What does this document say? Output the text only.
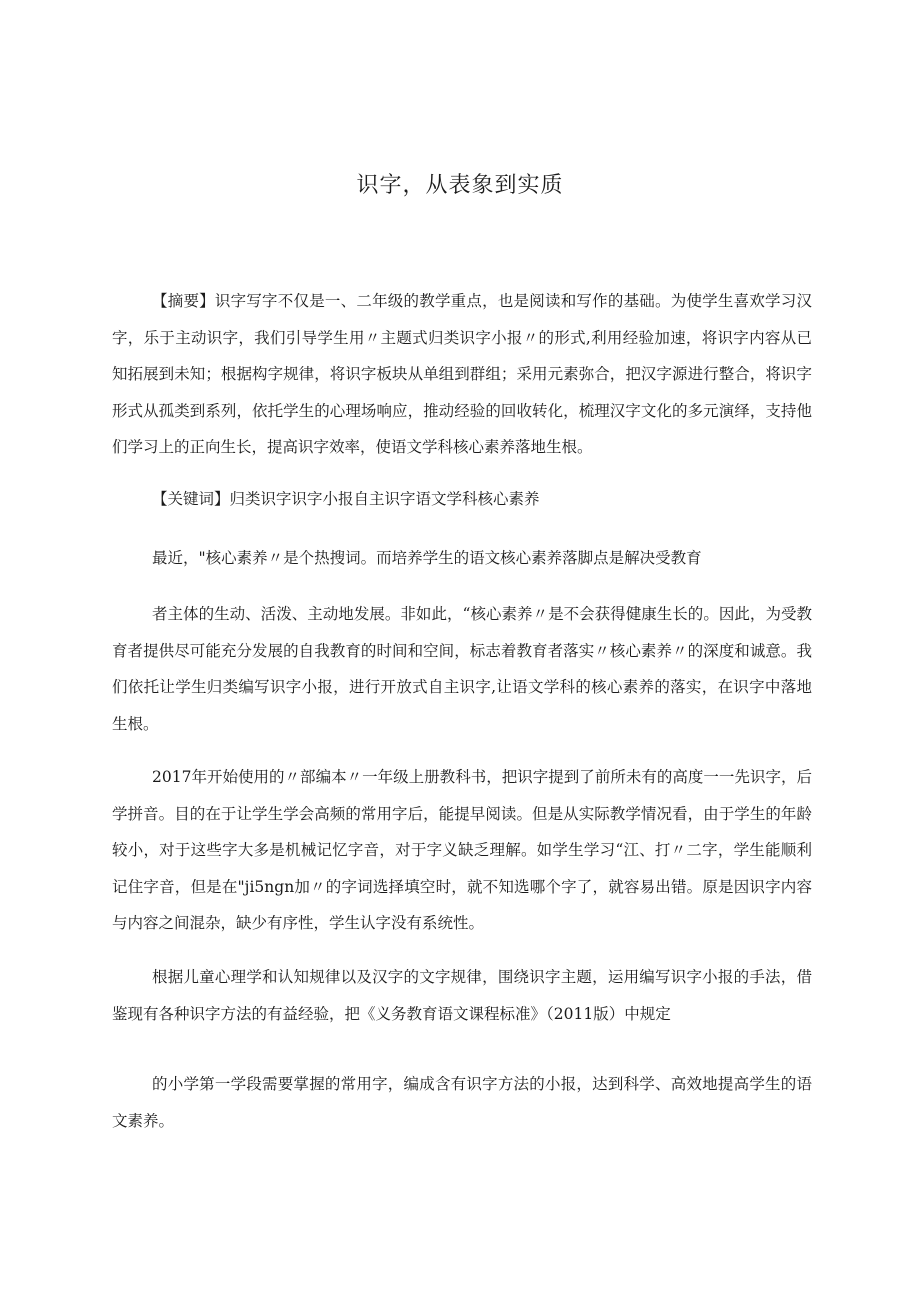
识字，从表象到实质

【摘要】识字写字不仅是一、二年级的教学重点，也是阅读和写作的基础。为使学生喜欢学习汉字，乐于主动识字，我们引导学生用〃主题式归类识字小报〃的形式,利用经验加速，将识字内容从已知拓展到未知；根据构字规律，将识字板块从单组到群组；采用元素弥合，把汉字源进行整合，将识字形式从孤类到系列，依托学生的心理场响应，推动经验的回收转化，梳理汉字文化的多元演绎，支持他们学习上的正向生长，提高识字效率，使语文学科核心素养落地生根。

【关键词】归类识字识字小报自主识字语文学科核心素养

最近，"核心素养〃是个热搜词。而培养学生的语文核心素养落脚点是解决受教育

者主体的生动、活泼、主动地发展。非如此，“核心素养〃是不会获得健康生长的。因此，为受教育者提供尽可能充分发展的自我教育的时间和空间，标志着教育者落实〃核心素养〃的深度和诚意。我们依托让学生归类编写识字小报，进行开放式自主识字,让语文学科的核心素养的落实，在识字中落地生根。

2017年开始使用的〃部编本〃一年级上册教科书，把识字提到了前所未有的高度一一先识字，后学拼音。目的在于让学生学会高频的常用字后，能提早阅读。但是从实际教学情况看，由于学生的年龄较小，对于这些字大多是机械记忆字音，对于字义缺乏理解。如学生学习“江、打〃二字，学生能顺利记住字音，但是在"ji5ngn加〃的字词选择填空时，就不知选哪个字了，就容易出错。原是因识字内容与内容之间混杂，缺少有序性，学生认字没有系统性。

根据儿童心理学和认知规律以及汉字的文字规律，围绕识字主题，运用编写识字小报的手法，借鉴现有各种识字方法的有益经验，把《义务教育语文课程标准》（2011版）中规定

的小学第一学段需要掌握的常用字，编成含有识字方法的小报，达到科学、高效地提高学生的语文素养。
